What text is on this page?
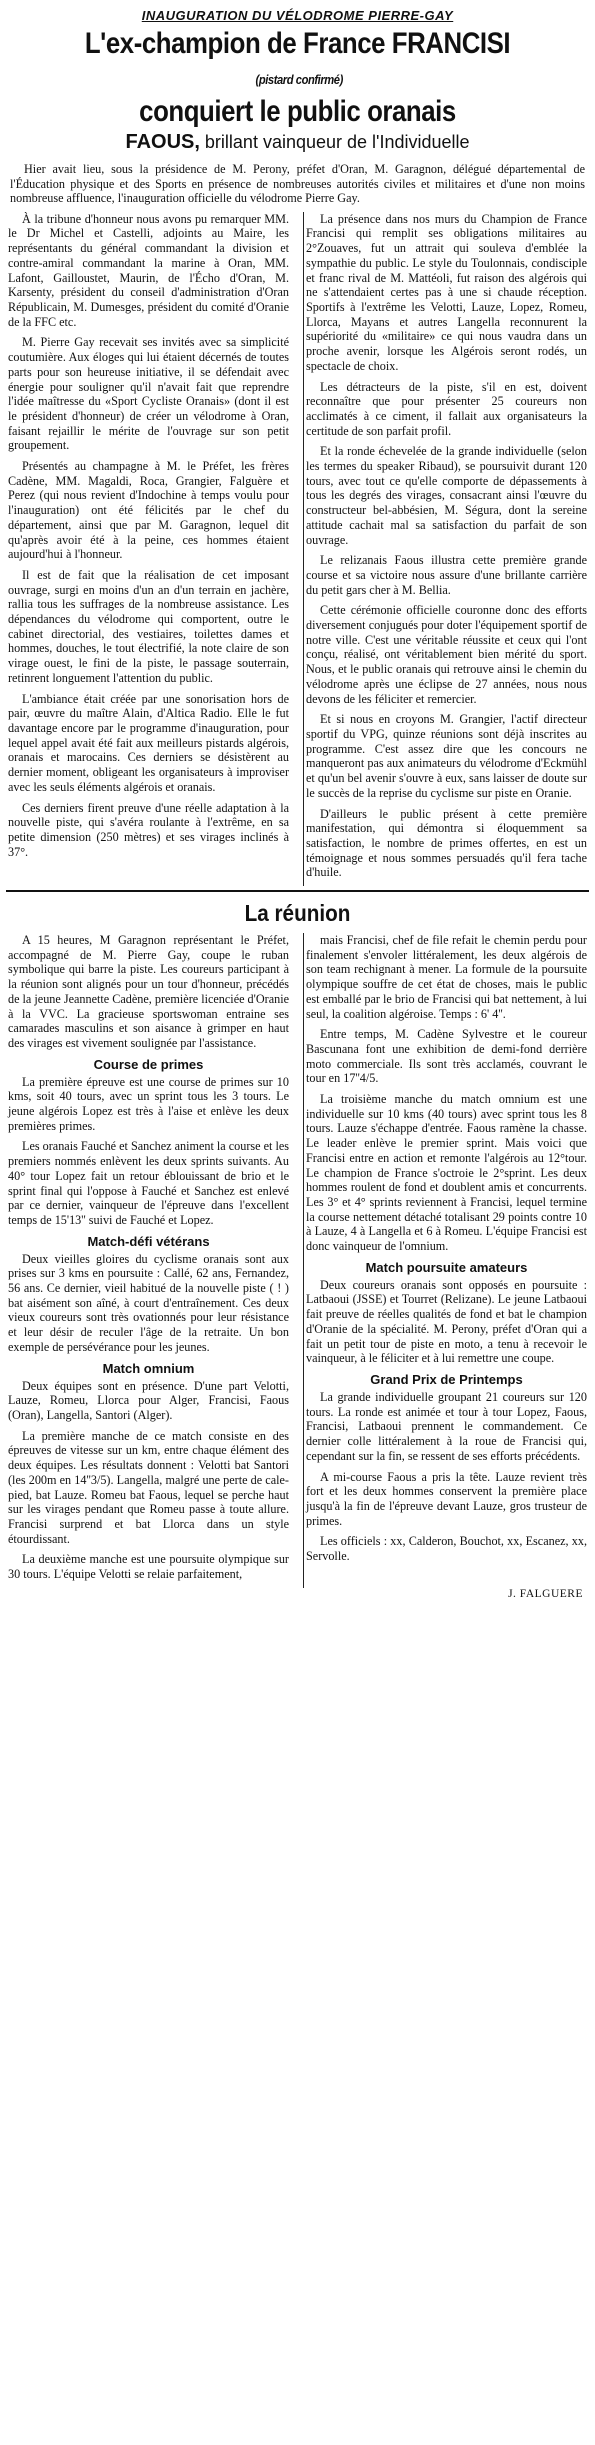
INAUGURATION DU VÉLODROME PIERRE-GAY
L'ex-champion de France FRANCISI (pistard confirmé)
conquiert le public oranais
FAOUS, brillant vainqueur de l'Individuelle

Hier avait lieu, sous la présidence de M. Perony, préfet d'Oran, M. Garagnon, délégué départemental de l'Éducation physique et des Sports en présence de nombreuses autorités civiles et militaires et d'une non moins nombreuse affluence, l'inauguration officielle du vélodrome Pierre Gay.

À la tribune d'honneur nous avons pu remarquer MM. le Dr Michel et Castelli, adjoints au Maire, les représentants du général commandant la division et contre-amiral commandant la marine à Oran, MM. Lafont, Gailloustet, Maurin, de l'Écho d'Oran, M. Karsenty, président du conseil d'administration d'Oran Républicain, M. Dumesges, président du comité d'Oranie de la FFC etc.

M. Pierre Gay recevait ses invités avec sa simplicité coutumière. Aux éloges qui lui étaient décernés de toutes parts pour son heureuse initiative, il se défendait avec énergie pour souligner qu'il n'avait fait que reprendre l'idée maîtresse du «Sport Cycliste Oranais» (dont il est le président d'honneur) de créer un vélodrome à Oran, faisant rejaillir le mérite de l'ouvrage sur son petit groupement.

Présentés au champagne à M. le Préfet, les frères Cadène, MM. Magaldi, Roca, Grangier, Falguère et Perez (qui nous revient d'Indochine à temps voulu pour l'inauguration) ont été félicités par le chef du département, ainsi que par M. Garagnon, lequel dit qu'après avoir été à la peine, ces hommes étaient aujourd'hui à l'honneur.

Il est de fait que la réalisation de cet imposant ouvrage, surgi en moins d'un an d'un terrain en jachère, rallia tous les suffrages de la nombreuse assistance. Les dépendances du vélodrome qui comportent, outre le cabinet directorial, des vestiaires, toilettes dames et hommes, douches, le tout électrifié, la note claire de son virage ouest, le fini de la piste, le passage souterrain, retinrent longuement l'attention du public.

L'ambiance était créée par une sonorisation hors de pair, œuvre du maître Alain, d'Altica Radio. Elle le fut davantage encore par le programme d'inauguration, pour lequel appel avait été fait aux meilleurs pistards algérois, oranais et marocains. Ces derniers se désistèrent au dernier moment, obligeant les organisateurs à improviser avec les seuls éléments algérois et oranais.

Ces derniers firent preuve d'une réelle adaptation à la nouvelle piste, qui s'avéra roulante à l'extrême, en sa petite dimension (250 mètres) et ses virages inclinés à 37°.

La présence dans nos murs du Champion de France Francisi qui remplit ses obligations militaires au 2°Zouaves, fut un attrait qui souleva d'emblée la sympathie du public. Le style du Toulonnais, condisciple et franc rival de M. Mattéoli, fut raison des algérois qui ne s'attendaient certes pas à une si chaude réception. Sportifs à l'extrême les Velotti, Lauze, Lopez, Romeu, Llorca, Mayans et autres Langella reconnurent la supériorité du «militaire» ce qui nous vaudra dans un proche avenir, lorsque les Algérois seront rodés, un spectacle de choix.

Les détracteurs de la piste, s'il en est, doivent reconnaître que pour présenter 25 coureurs non acclimatés à ce ciment, il fallait aux organisateurs la certitude de son parfait profil.

Et la ronde échevelée de la grande individuelle (selon les termes du speaker Ribaud), se poursuivit durant 120 tours, avec tout ce qu'elle comporte de dépassements à tous les degrés des virages, consacrant ainsi l'œuvre du constructeur bel-abbésien, M. Ségura, dont la sereine attitude cachait mal sa satisfaction du parfait de son ouvrage.

Le relizanais Faous illustra cette première grande course et sa victoire nous assure d'une brillante carrière du petit gars cher à M. Bellia.

Cette cérémonie officielle couronne donc des efforts diversement conjugués pour doter l'équipement sportif de notre ville. C'est une véritable réussite et ceux qui l'ont conçu, réalisé, ont véritablement bien mérité du sport. Nous, et le public oranais qui retrouve ainsi le chemin du vélodrome après une éclipse de 27 années, nous nous devons de les féliciter et remercier.

Et si nous en croyons M. Grangier, l'actif directeur sportif du VPG, quinze réunions sont déjà inscrites au programme. C'est assez dire que les concours ne manqueront pas aux animateurs du vélodrome d'Eckmühl et qu'un bel avenir s'ouvre à eux, sans laisser de doute sur le succès de la reprise du cyclisme sur piste en Oranie.

D'ailleurs le public présent à cette première manifestation, qui démontra si éloquemment sa satisfaction, le nombre de primes offertes, en est un témoignage et nous sommes persuadés qu'il fera tache d'huile.

La réunion

A 15 heures, M Garagnon représentant le Préfet, accompagné de M. Pierre Gay, coupe le ruban symbolique qui barre la piste. Les coureurs participant à la réunion sont alignés pour un tour d'honneur, précédés de la jeune Jeannette Cadène, première licenciée d'Oranie à la VVC. La gracieuse sportswoman entraine ses camarades masculins et son aisance à grimper en haut des virages est vivement soulignée par l'assistance.

Course de primes

La première épreuve est une course de primes sur 10 kms, soit 40 tours, avec un sprint tous les 3 tours. Le jeune algérois Lopez est très à l'aise et enlève les deux premières primes.

Les oranais Fauché et Sanchez animent la course et les premiers nommés enlèvent les deux sprints suivants. Au 40° tour Lopez fait un retour éblouissant de brio et le sprint final qui l'oppose à Fauché et Sanchez est enlevé par ce dernier, vainqueur de l'épreuve dans l'excellent temps de 15'13'' suivi de Fauché et Lopez.

Match-défi vétérans

Deux vieilles gloires du cyclisme oranais sont aux prises sur 3 kms en poursuite : Callé, 62 ans, Fernandez, 56 ans. Ce dernier, vieil habitué de la nouvelle piste ( ! ) bat aisément son aîné, à court d'entraînement. Ces deux vieux coureurs sont très ovationnés pour leur résistance et leur désir de reculer l'âge de la retraite. Un bon exemple de persévérance pour les jeunes.

Match omnium

Deux équipes sont en présence. D'une part Velotti, Lauze, Romeu, Llorca pour Alger, Francisi, Faous (Oran), Langella, Santori (Alger).

La première manche de ce match consiste en des épreuves de vitesse sur un km, entre chaque élément des deux équipes. Les résultats donnent : Velotti bat Santori (les 200m en 14''3/5). Langella, malgré une perte de cale-pied, bat Lauze. Romeu bat Faous, lequel se perche haut sur les virages pendant que Romeu passe à toute allure. Francisi surprend et bat Llorca dans un style étourdissant.

La deuxième manche est une poursuite olympique sur 30 tours. L'équipe Velotti se relaie parfaitement,

mais Francisi, chef de file refait le chemin perdu pour finalement s'envoler littéralement, les deux algérois de son team rechignant à mener. La formule de la poursuite olympique souffre de cet état de choses, mais le public est emballé par le brio de Francisi qui bat nettement, à lui seul, la coalition algéroise. Temps : 6' 4''.

Entre temps, M. Cadène Sylvestre et le coureur Bascunana font une exhibition de demi-fond derrière moto commerciale. Ils sont très acclamés, couvrant le tour en 17''4/5.

La troisième manche du match omnium est une individuelle sur 10 kms (40 tours) avec sprint tous les 8 tours. Lauze s'échappe d'entrée. Faous ramène la chasse. Le leader enlève le premier sprint. Mais voici que Francisi entre en action et remonte l'algérois au 12°tour. Le champion de France s'octroie le 2°sprint. Les deux hommes roulent de fond et doublent amis et concurrents. Les 3° et 4° sprints reviennent à Francisi, lequel termine la course nettement détaché totalisant 29 points contre 10 à Lauze, 4 à Langella et 6 à Romeu. L'équipe Francisi est donc vainqueur de l'omnium.

Match poursuite amateurs

Deux coureurs oranais sont opposés en poursuite : Latbaoui (JSSE) et Tourret (Relizane). Le jeune Latbaoui fait preuve de réelles qualités de fond et bat le champion d'Oranie de la spécialité. M. Perony, préfet d'Oran qui a fait un petit tour de piste en moto, a tenu à recevoir le vainqueur, à le féliciter et à lui remettre une coupe.

Grand Prix de Printemps

La grande individuelle groupant 21 coureurs sur 120 tours. La ronde est animée et tour à tour Lopez, Faous, Francisi, Latbaoui prennent le commandement. Ce dernier colle littéralement à la roue de Francisi qui, cependant sur la fin, se ressent de ses efforts précédents.

A mi-course Faous a pris la tête. Lauze revient très fort et les deux hommes conservent la première place jusqu'à la fin de l'épreuve devant Lauze, gros trusteur de primes.

Les officiels : xx, Calderon, Bouchot, xx, Escanez, xx, Servolle.

J. FALGUERE
